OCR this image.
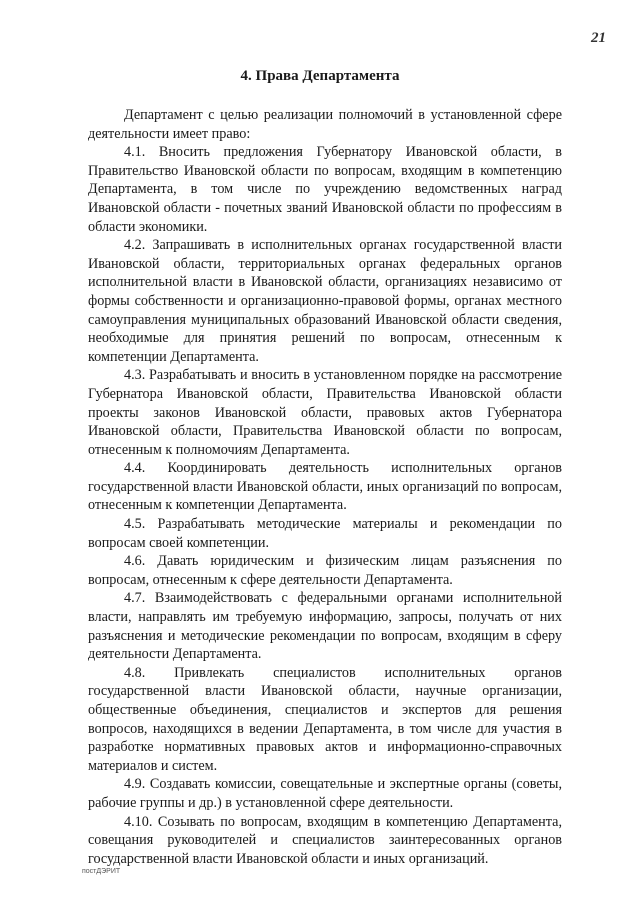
21
4. Права Департамента

Департамент с целью реализации полномочий в установленной сфере деятельности имеет право:

4.1. Вносить предложения Губернатору Ивановской области, в Правительство Ивановской области по вопросам, входящим в компетенцию Департамента, в том числе по учреждению ведомственных наград Ивановской области - почетных званий Ивановской области по профессиям в области экономики.

4.2. Запрашивать в исполнительных органах государственной власти Ивановской области, территориальных органах федеральных органов исполнительной власти в Ивановской области, организациях независимо от формы собственности и организационно-правовой формы, органах местного самоуправления муниципальных образований Ивановской области сведения, необходимые для принятия решений по вопросам, отнесенным к компетенции Департамента.

4.3. Разрабатывать и вносить в установленном порядке на рассмотрение Губернатора Ивановской области, Правительства Ивановской области проекты законов Ивановской области, правовых актов Губернатора Ивановской области, Правительства Ивановской области по вопросам, отнесенным к полномочиям Департамента.

4.4. Координировать деятельность исполнительных органов государственной власти Ивановской области, иных организаций по вопросам, отнесенным к компетенции Департамента.

4.5. Разрабатывать методические материалы и рекомендации по вопросам своей компетенции.

4.6. Давать юридическим и физическим лицам разъяснения по вопросам, отнесенным к сфере деятельности Департамента.

4.7. Взаимодействовать с федеральными органами исполнительной власти, направлять им требуемую информацию, запросы, получать от них разъяснения и методические рекомендации по вопросам, входящим в сферу деятельности Департамента.

4.8. Привлекать специалистов исполнительных органов государственной власти Ивановской области, научные организации, общественные объединения, специалистов и экспертов для решения вопросов, находящихся в ведении Департамента, в том числе для участия в разработке нормативных правовых актов и информационно-справочных материалов и систем.

4.9. Создавать комиссии, совещательные и экспертные органы (советы, рабочие группы и др.) в установленной сфере деятельности.

4.10. Созывать по вопросам, входящим в компетенцию Департамента, совещания руководителей и специалистов заинтересованных органов государственной власти Ивановской области и иных организаций.

постДЭРИТ
